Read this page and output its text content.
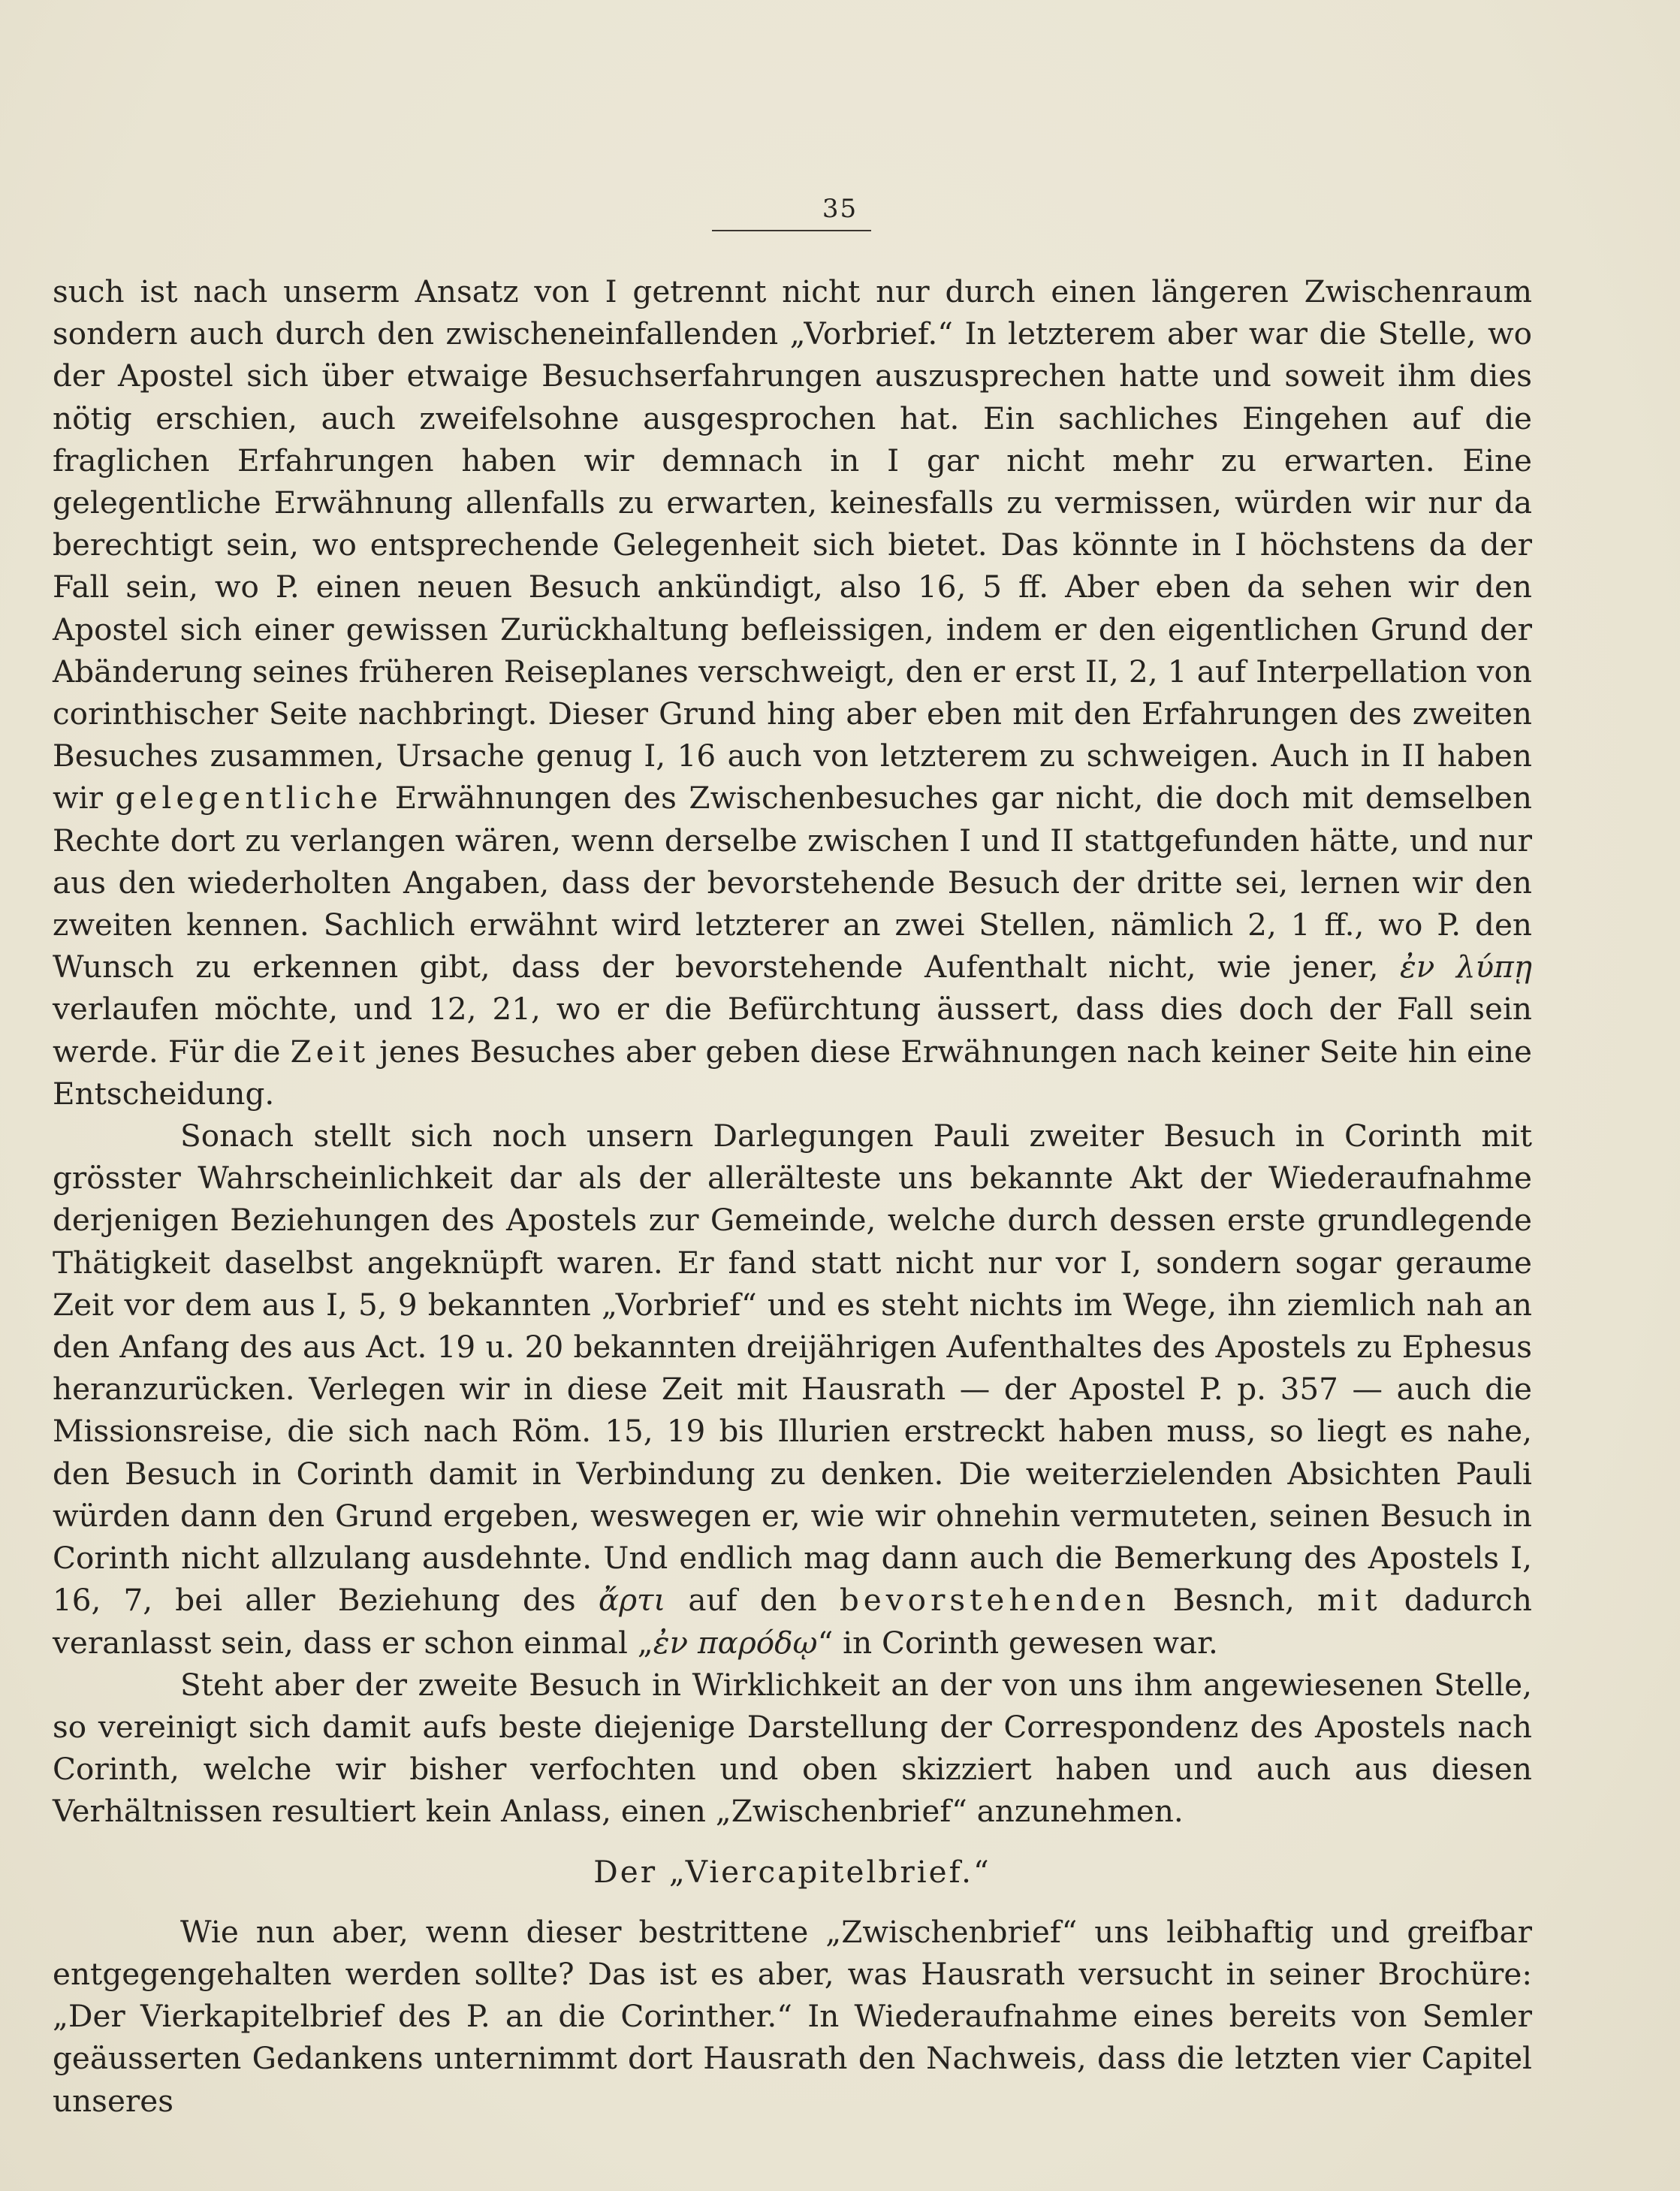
35

such ist nach unserm Ansatz von I getrennt nicht nur durch einen längeren Zwischenraum sondern auch durch den zwischeneinfallenden „Vorbrief.“ In letzterem aber war die Stelle, wo der Apostel sich über etwaige Besuchserfahrungen auszusprechen hatte und soweit ihm dies nötig erschien, auch zweifelsohne ausgesprochen hat. Ein sachliches Eingehen auf die fraglichen Erfahrungen haben wir demnach in I gar nicht mehr zu erwarten. Eine gelegentliche Erwähnung allenfalls zu erwarten, keinesfalls zu vermissen, würden wir nur da berechtigt sein, wo entsprechende Gelegenheit sich bietet. Das könnte in I höchstens da der Fall sein, wo P. einen neuen Besuch ankündigt, also 16, 5 ff. Aber eben da sehen wir den Apostel sich einer gewissen Zurückhaltung befleissigen, indem er den eigentlichen Grund der Abänderung seines früheren Reiseplanes verschweigt, den er erst II, 2, 1 auf Interpellation von corinthischer Seite nachbringt. Dieser Grund hing aber eben mit den Erfahrungen des zweiten Besuches zusammen, Ursache genug I, 16 auch von letzterem zu schweigen. Auch in II haben wir gelegentliche Erwähnungen des Zwischenbesuches gar nicht, die doch mit demselben Rechte dort zu verlangen wären, wenn derselbe zwischen I und II stattgefunden hätte, und nur aus den wiederholten Angaben, dass der bevorstehende Besuch der dritte sei, lernen wir den zweiten kennen. Sachlich erwähnt wird letzterer an zwei Stellen, nämlich 2, 1 ff., wo P. den Wunsch zu erkennen gibt, dass der bevorstehende Aufenthalt nicht, wie jener, ἐν λύπῃ verlaufen möchte, und 12, 21, wo er die Befürchtung äussert, dass dies doch der Fall sein werde. Für die Zeit jenes Besuches aber geben diese Erwähnungen nach keiner Seite hin eine Entscheidung.

Sonach stellt sich noch unsern Darlegungen Pauli zweiter Besuch in Corinth mit grösster Wahrscheinlichkeit dar als der allerälteste uns bekannte Akt der Wiederaufnahme derjenigen Beziehungen des Apostels zur Gemeinde, welche durch dessen erste grundlegende Thätigkeit daselbst angeknüpft waren. Er fand statt nicht nur vor I, sondern sogar geraume Zeit vor dem aus I, 5, 9 bekannten „Vorbrief“ und es steht nichts im Wege, ihn ziemlich nah an den Anfang des aus Act. 19 u. 20 bekannten dreijährigen Aufenthaltes des Apostels zu Ephesus heranzurücken. Verlegen wir in diese Zeit mit Hausrath — der Apostel P. p. 357 — auch die Missionsreise, die sich nach Röm. 15, 19 bis Illurien erstreckt haben muss, so liegt es nahe, den Besuch in Corinth damit in Verbindung zu denken. Die weiterzielenden Absichten Pauli würden dann den Grund ergeben, weswegen er, wie wir ohnehin vermuteten, seinen Besuch in Corinth nicht allzulang ausdehnte. Und endlich mag dann auch die Bemerkung des Apostels I, 16, 7, bei aller Beziehung des ἄρτι auf den bevorstehenden Besnch, mit dadurch veranlasst sein, dass er schon einmal „ἐν παρόδῳ“ in Corinth gewesen war.

Steht aber der zweite Besuch in Wirklichkeit an der von uns ihm angewiesenen Stelle, so vereinigt sich damit aufs beste diejenige Darstellung der Correspondenz des Apostels nach Corinth, welche wir bisher verfochten und oben skizziert haben und auch aus diesen Verhältnissen resultiert kein Anlass, einen „Zwischenbrief“ anzunehmen.

Der „Viercapitelbrief.“

Wie nun aber, wenn dieser bestrittene „Zwischenbrief“ uns leibhaftig und greifbar entgegengehalten werden sollte? Das ist es aber, was Hausrath versucht in seiner Brochüre: „Der Vierkapitelbrief des P. an die Corinther.“ In Wiederaufnahme eines bereits von Semler geäusserten Gedankens unternimmt dort Hausrath den Nachweis, dass die letzten vier Capitel unseres
